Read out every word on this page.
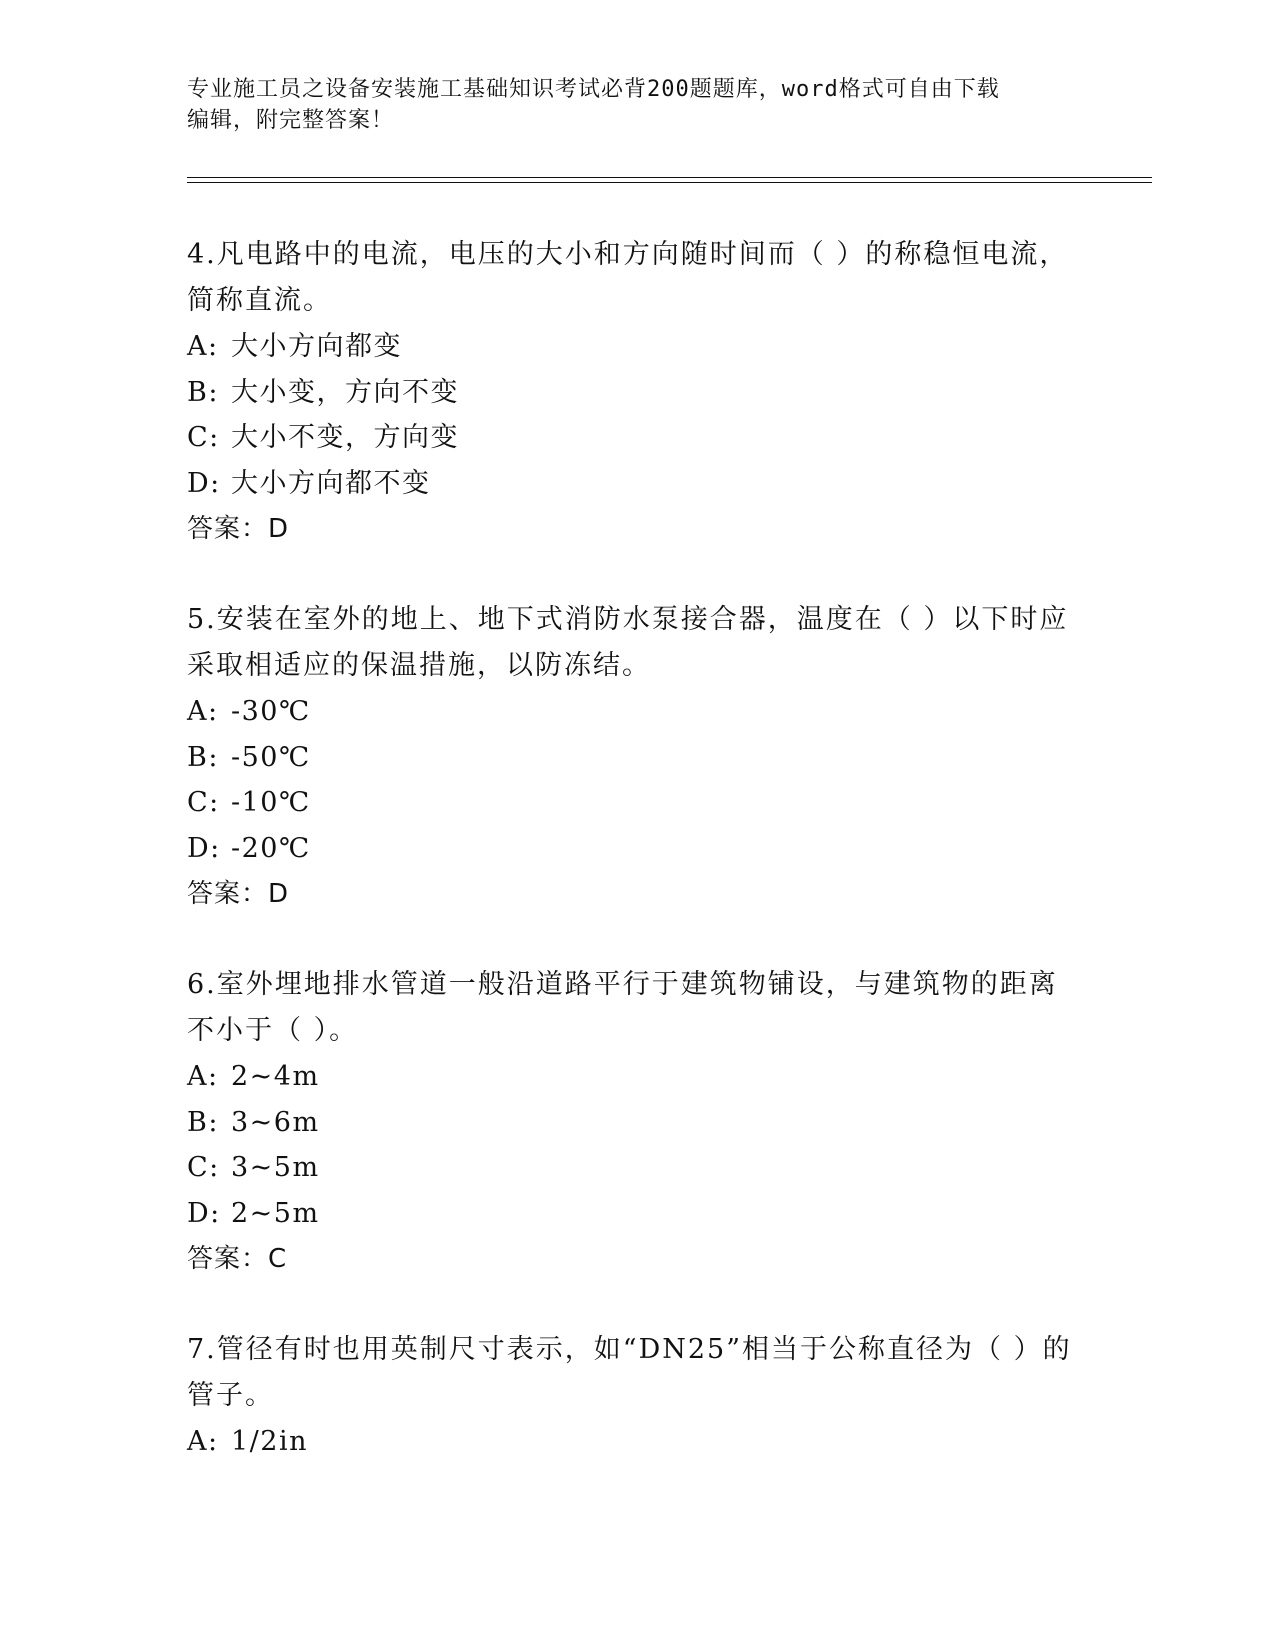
专业施工员之设备安装施工基础知识考试必背200题题库，word格式可自由下载
编辑，附完整答案！

4.凡电路中的电流，电压的大小和方向随时间而（ ）的称稳恒电流，

简称直流。

A: 大小方向都变

B: 大小变，方向不变

C: 大小不变，方向变

D: 大小方向都不变

答案：D

5.安装在室外的地上、地下式消防水泵接合器，温度在（ ）以下时应

采取相适应的保温措施，以防冻结。

A: -30℃

B: -50℃

C: -10℃

D: -20℃

答案：D

6.室外埋地排水管道一般沿道路平行于建筑物铺设，与建筑物的距离

不小于（ ）。

A: 2~4m

B: 3~6m

C: 3~5m

D: 2~5m

答案：C

7.管径有时也用英制尺寸表示，如“DN25”相当于公称直径为（ ）的

管子。

A: 1/2in
